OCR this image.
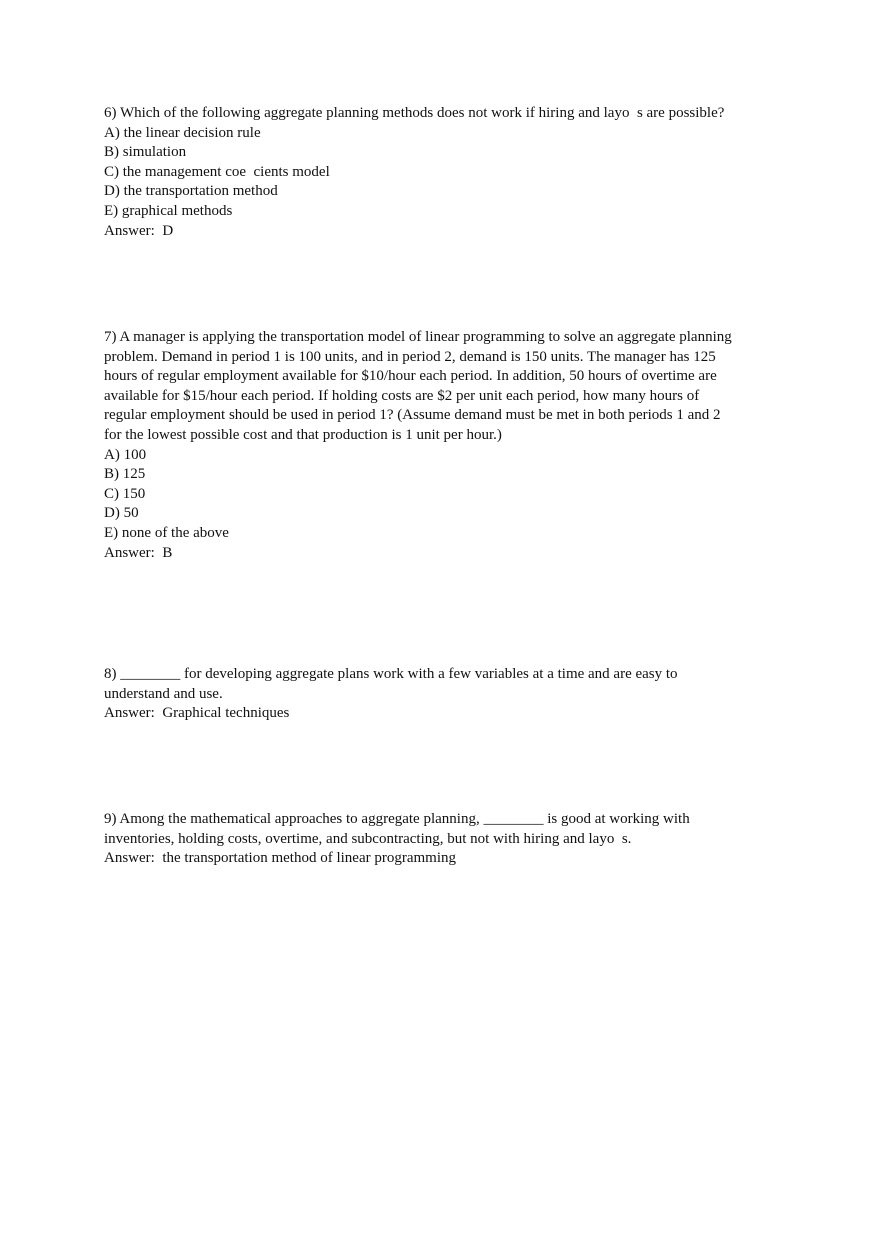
6) Which of the following aggregate planning methods does not work if hiring and layo  s are possible?
A) the linear decision rule
B) simulation
C) the management coe  cients model
D) the transportation method
E) graphical methods
Answer:  D
7) A manager is applying the transportation model of linear programming to solve an aggregate planning
problem. Demand in period 1 is 100 units, and in period 2, demand is 150 units. The manager has 125
hours of regular employment available for $10/hour each period. In addition, 50 hours of overtime are
available for $15/hour each period. If holding costs are $2 per unit each period, how many hours of
regular employment should be used in period 1? (Assume demand must be met in both periods 1 and 2
for the lowest possible cost and that production is 1 unit per hour.)
A) 100
B) 125
C) 150
D) 50
E) none of the above
Answer:  B
8) ________ for developing aggregate plans work with a few variables at a time and are easy to
understand and use.
Answer:  Graphical techniques
9) Among the mathematical approaches to aggregate planning, ________ is good at working with
inventories, holding costs, overtime, and subcontracting, but not with hiring and layo  s.
Answer:  the transportation method of linear programming
